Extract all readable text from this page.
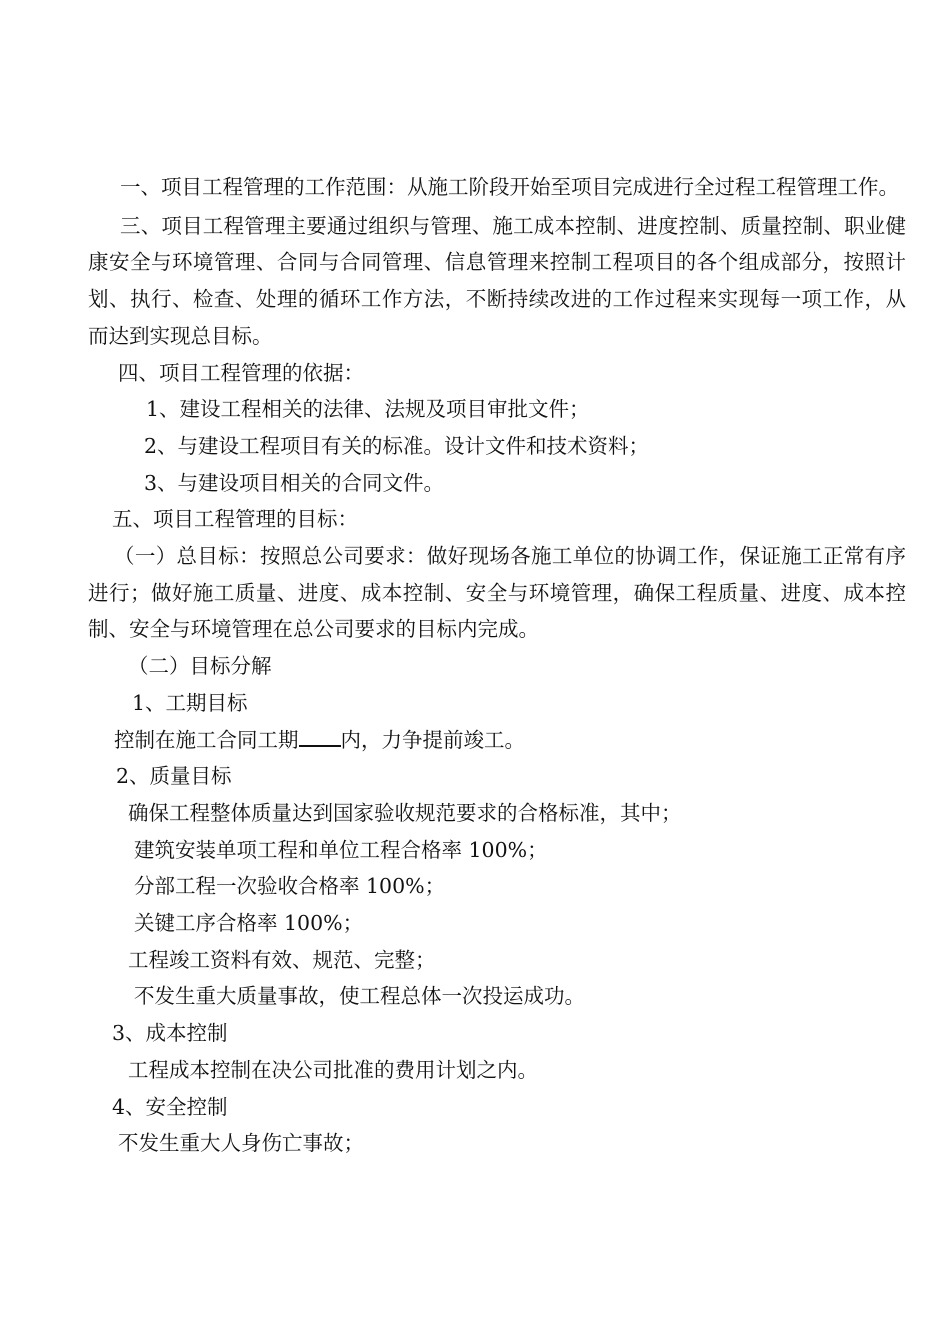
一、项目工程管理的工作范围：从施工阶段开始至项目完成进行全过程工程管理工作。

三、项目工程管理主要通过组织与管理、施工成本控制、进度控制、质量控制、职业健康安全与环境管理、合同与合同管理、信息管理来控制工程项目的各个组成部分，按照计划、执行、检查、处理的循环工作方法，不断持续改进的工作过程来实现每一项工作，从而达到实现总目标。

四、项目工程管理的依据：

1、建设工程相关的法律、法规及项目审批文件；

2、与建设工程项目有关的标准。设计文件和技术资料；

3、与建设项目相关的合同文件。

五、项目工程管理的目标：

（一）总目标：按照总公司要求：做好现场各施工单位的协调工作，保证施工正常有序进行；做好施工质量、进度、成本控制、安全与环境管理，确保工程质量、进度、成本控制、安全与环境管理在总公司要求的目标内完成。

（二）目标分解

1、工期目标

控制在施工合同工期 内，力争提前竣工。

2、质量目标

确保工程整体质量达到国家验收规范要求的合格标准，其中；

建筑安装单项工程和单位工程合格率 100%；

分部工程一次验收合格率 100%；

关键工序合格率 100%；

工程竣工资料有效、规范、完整；

不发生重大质量事故，使工程总体一次投运成功。

3、成本控制

工程成本控制在决公司批准的费用计划之内。

4、安全控制

不发生重大人身伤亡事故；
